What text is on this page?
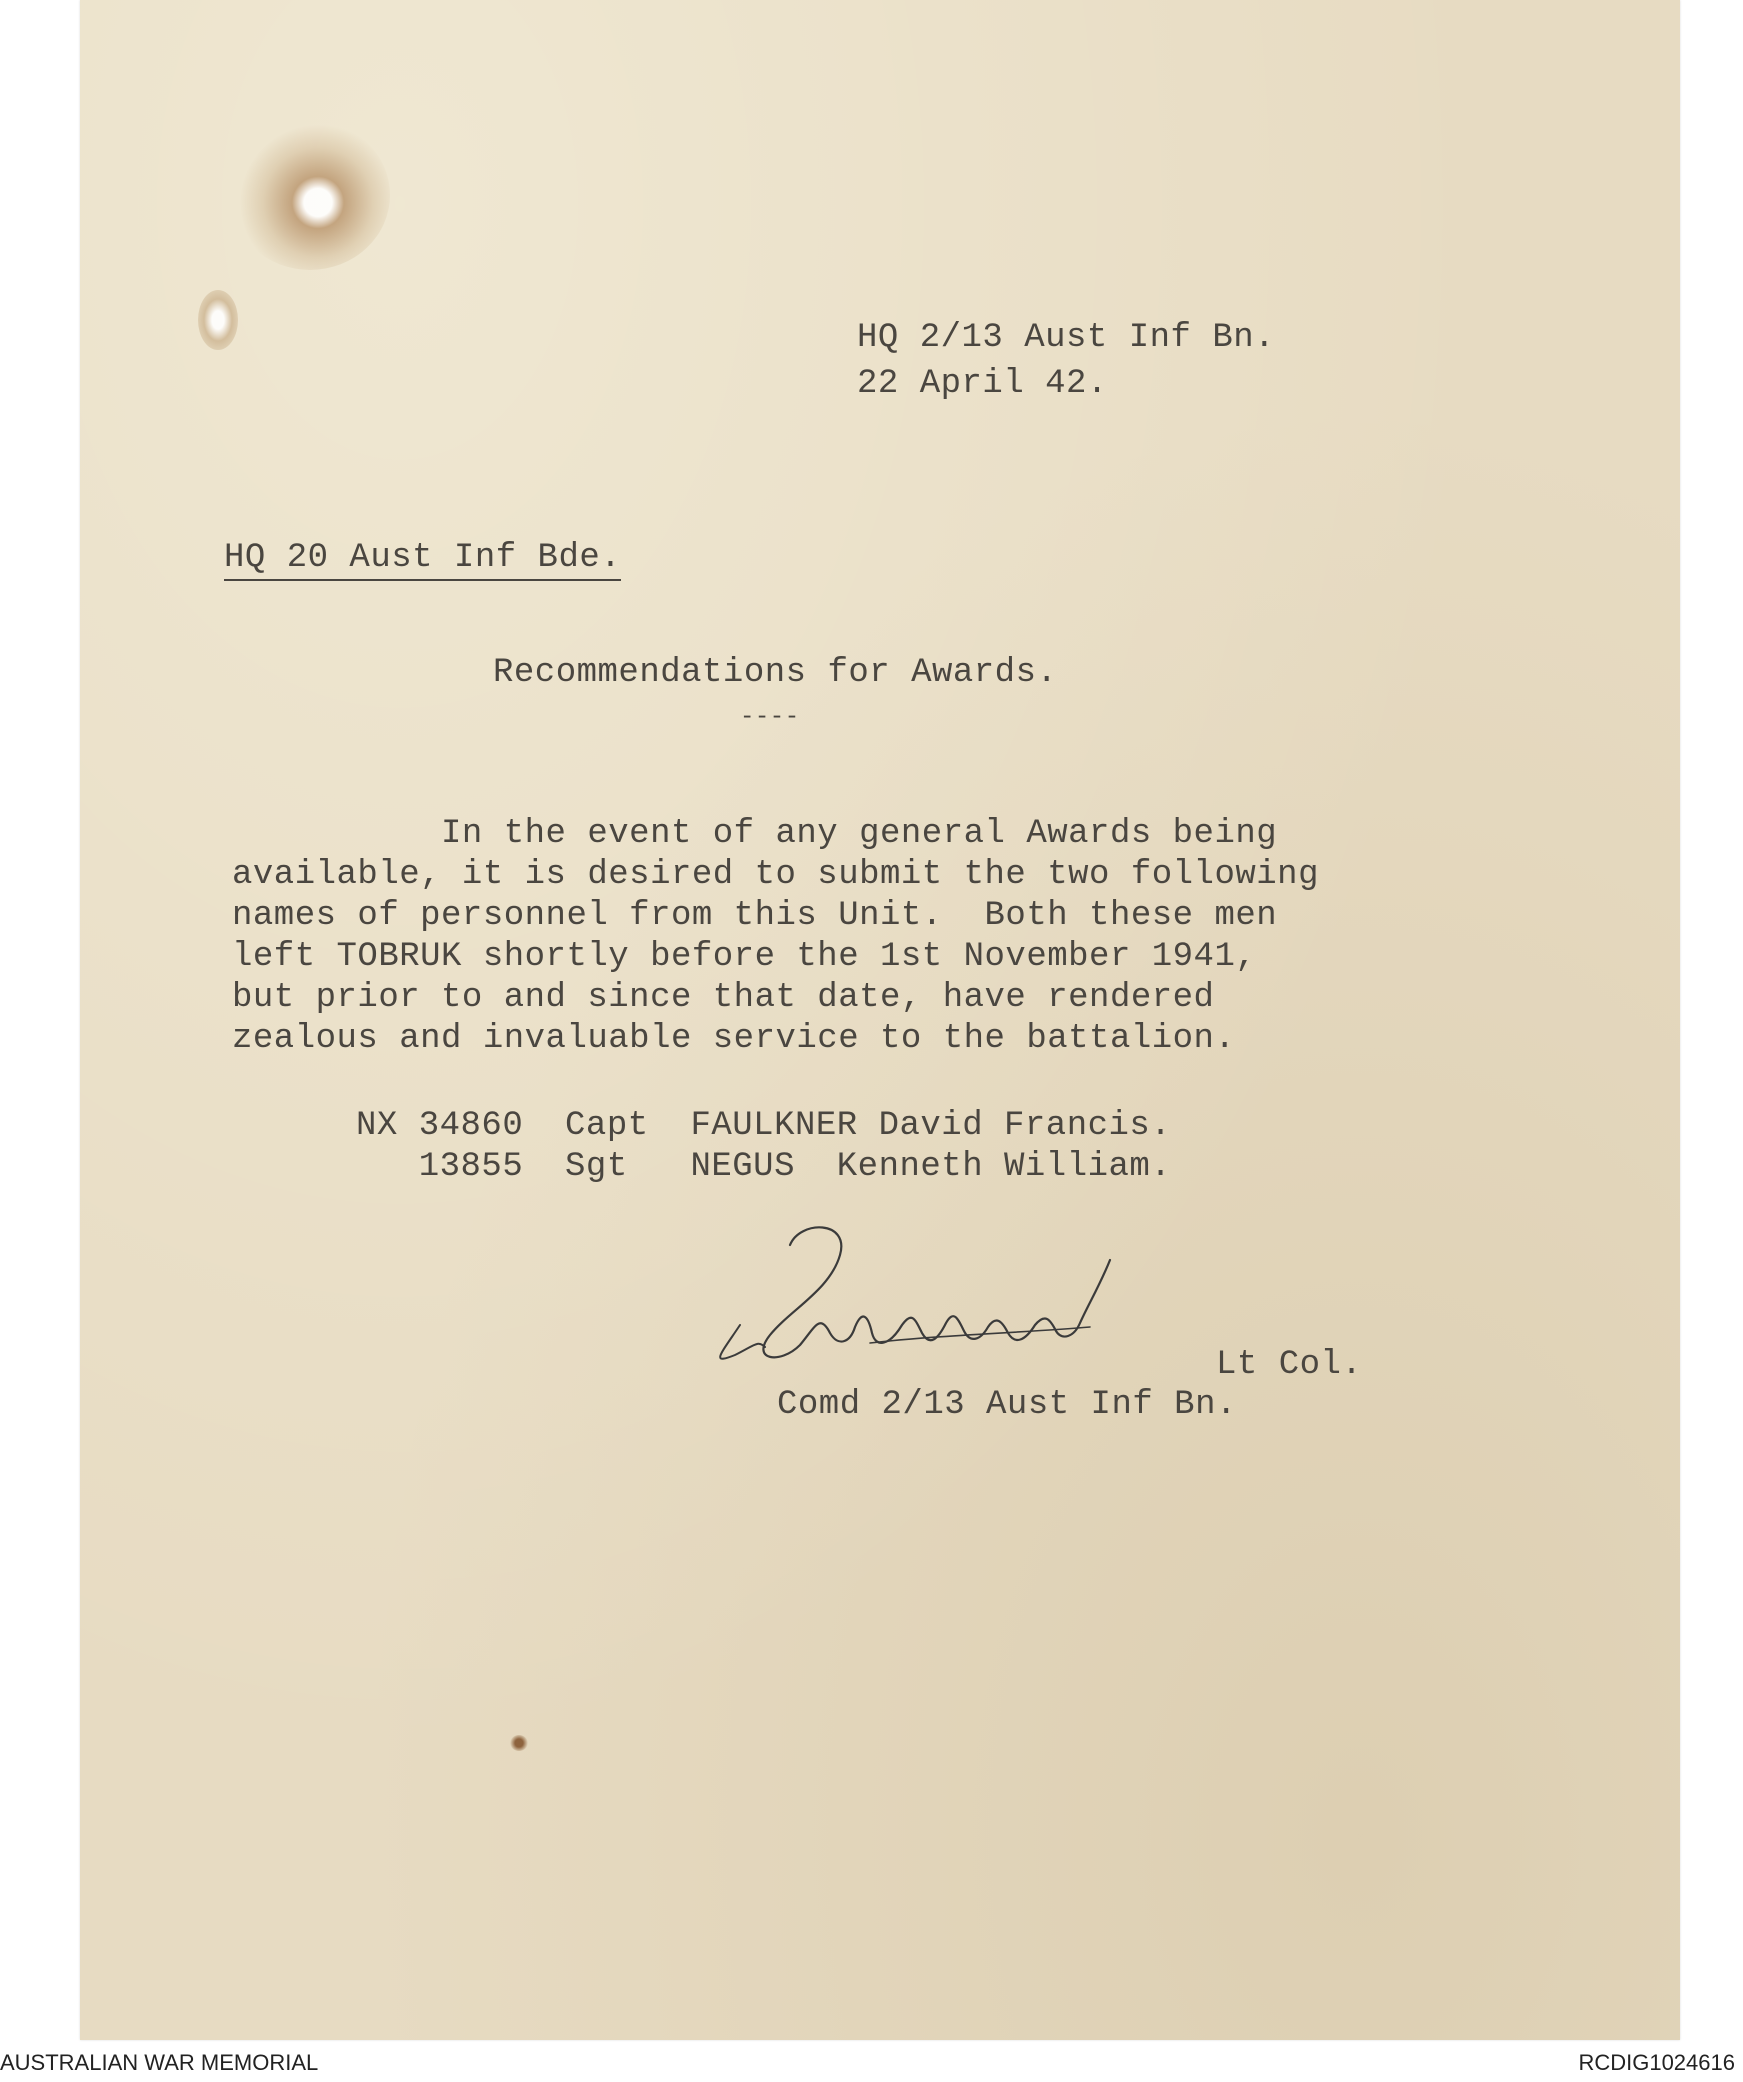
HQ 2/13 Aust Inf Bn.
22 April 42.
HQ 20 Aust Inf Bde.
Recommendations for Awards.
----
In the event of any general Awards being
available, it is desired to submit the two following
names of personnel from this Unit.  Both these men
left TOBRUK shortly before the 1st November 1941,
but prior to and since that date, have rendered
zealous and invaluable service to the battalion.
NX 34860  Capt  FAULKNER David Francis.
13855  Sgt   NEGUS  Kenneth William.
Lt Col.
Comd 2/13 Aust Inf Bn.
AUSTRALIAN WAR MEMORIAL	RCDIG1024616
